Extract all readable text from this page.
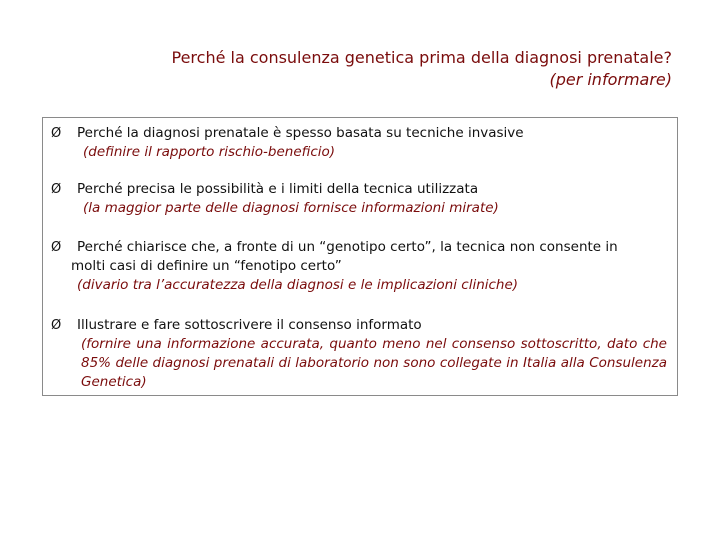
Perché la consulenza genetica prima della diagnosi prenatale?
(per informare)
Ø	Perché la diagnosi prenatale è spesso basata su tecniche invasive
(definire il rapporto rischio-beneficio)
Ø	Perché precisa le possibilità e i limiti della tecnica utilizzata
(la maggior parte delle diagnosi fornisce informazioni mirate)
Ø	Perché chiarisce che, a fronte di un “genotipo certo”, la tecnica non consente in
molti casi di definire un “fenotipo certo”
(divario tra l’accuratezza della diagnosi e le implicazioni cliniche)
Ø	Illustrare e fare sottoscrivere il consenso informato
(fornire una informazione accurata, quanto meno nel consenso sottoscritto, dato che 85% delle diagnosi prenatali di laboratorio non sono collegate in Italia alla Consulenza Genetica)
